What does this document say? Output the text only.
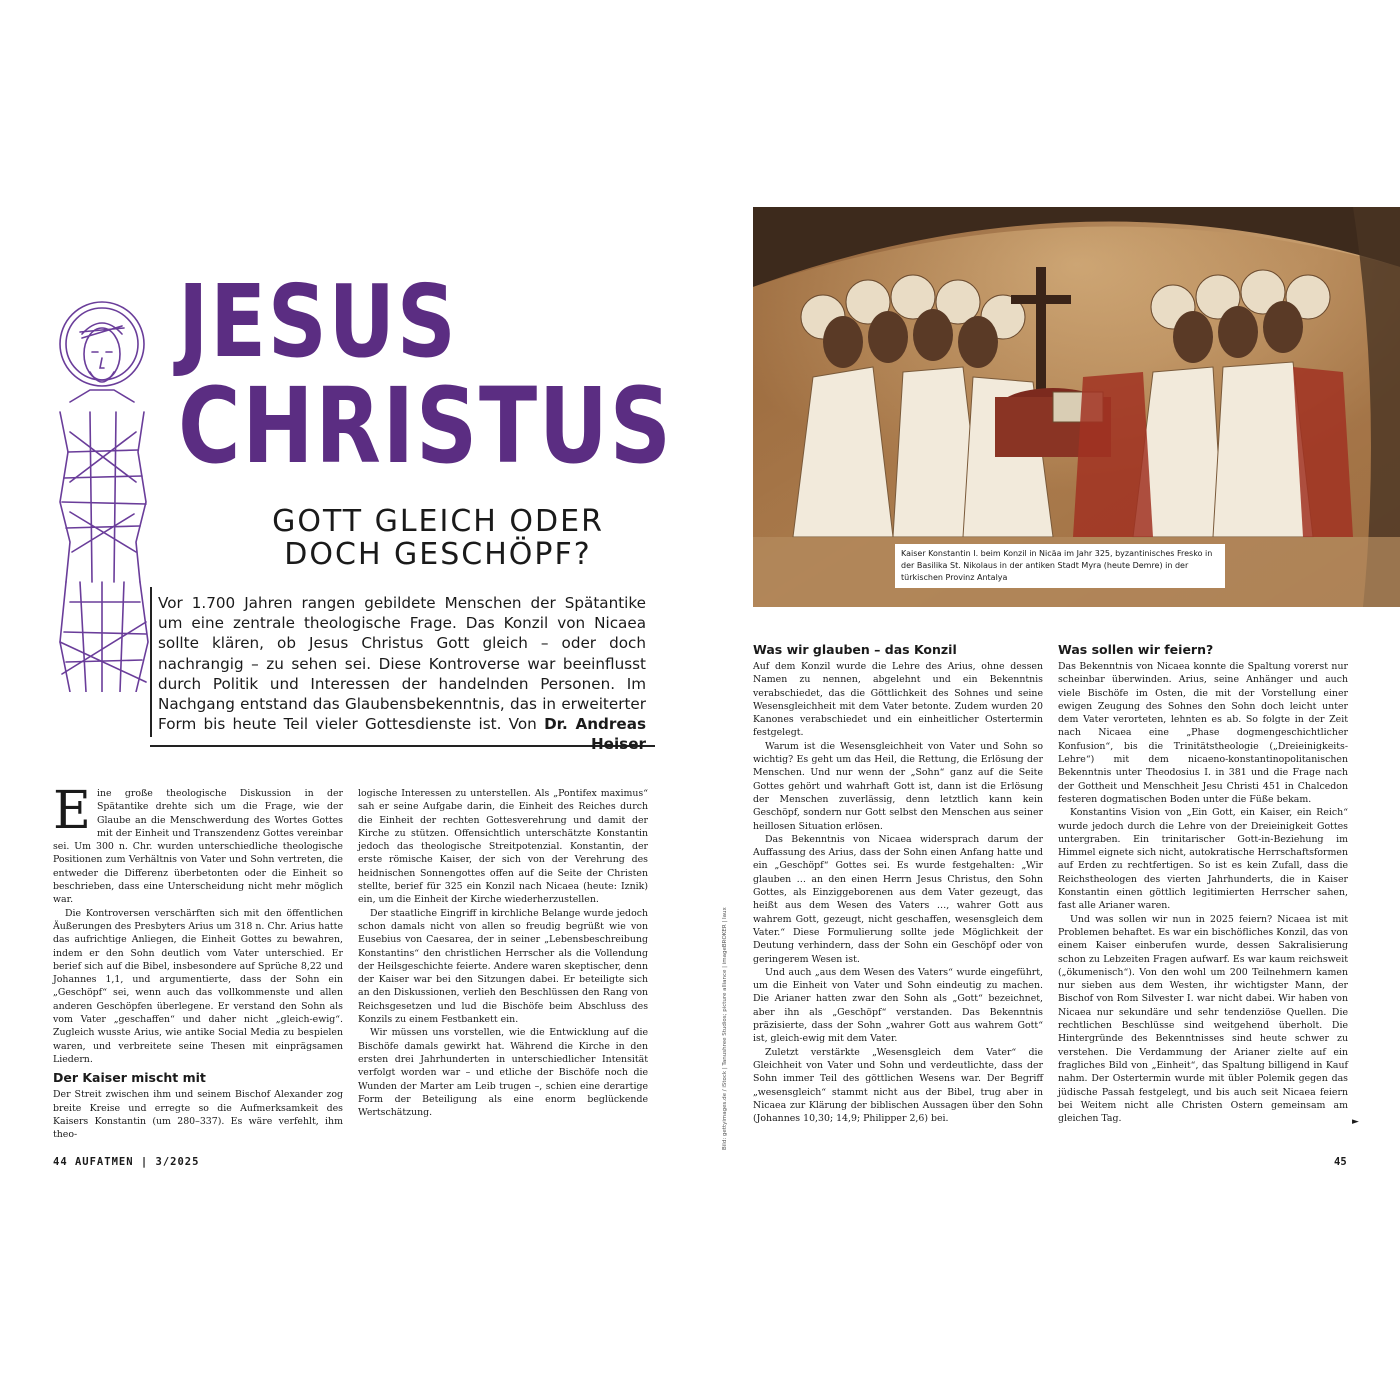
JESUS
CHRISTUS
GOTT GLEICH ODER
DOCH GESCHÖPF?
Vor 1.700 Jahren rangen gebildete Menschen der Spätantike um eine zentrale theologische Frage. Das Konzil von Nicaea sollte klären, ob Jesus Christus Gott gleich – oder doch nachrangig – zu sehen sei. Diese Kontroverse war beeinflusst durch Politik und Interessen der handelnden Personen. Im Nachgang entstand das Glaubensbekenntnis, das in erweiterter Form bis heute Teil vieler Gottesdienste ist. Von Dr. Andreas Heiser

Eine große theologische Diskussion in der Spätantike drehte sich um die Frage, wie der Glaube an die Menschwerdung des Wortes Gottes mit der Einheit und Transzendenz Gottes vereinbar sei. Um 300 n. Chr. wurden unterschiedliche theologische Positionen zum Verhältnis von Vater und Sohn vertreten, die entweder die Differenz überbetonten oder die Einheit so beschrieben, dass eine Unterscheidung nicht mehr möglich war.

Die Kontroversen verschärften sich mit den öffentlichen Äußerungen des Presbyters Arius um 318 n. Chr. Arius hatte das aufrichtige Anliegen, die Einheit Gottes zu bewahren, indem er den Sohn deutlich vom Vater unterschied. Er berief sich auf die Bibel, insbesondere auf Sprüche 8,22 und Johannes 1,1, und argumentierte, dass der Sohn ein „Geschöpf“ sei, wenn auch das vollkommenste und allen anderen Geschöpfen überlegene. Er verstand den Sohn als vom Vater „geschaffen“ und daher nicht „gleich-ewig“. Zugleich wusste Arius, wie antike Social Media zu bespielen waren, und verbreitete seine Thesen mit einprägsamen Liedern.

Der Kaiser mischt mit

Der Streit zwischen ihm und seinem Bischof Alexander zog breite Kreise und erregte so die Aufmerksamkeit des Kaisers Konstantin (um 280–337). Es wäre verfehlt, ihm theo-

logische Interessen zu unterstellen. Als „Pontifex maximus“ sah er seine Aufgabe darin, die Einheit des Reiches durch die Einheit der rechten Gottesverehrung und damit der Kirche zu stützen. Offensichtlich unterschätzte Konstantin jedoch das theologische Streitpotenzial. Konstantin, der erste römische Kaiser, der sich von der Verehrung des heidnischen Sonnengottes offen auf die Seite der Christen stellte, berief für 325 ein Konzil nach Nicaea (heute: Iznik) ein, um die Einheit der Kirche wiederherzustellen.

Der staatliche Eingriff in kirchliche Belange wurde jedoch schon damals nicht von allen so freudig begrüßt wie von Eusebius von Caesarea, der in seiner „Lebensbeschreibung Konstantins“ den christlichen Herrscher als die Vollendung der Heilsgeschichte feierte. Andere waren skeptischer, denn der Kaiser war bei den Sitzungen dabei. Er beteiligte sich an den Diskussionen, verlieh den Beschlüssen den Rang von Reichsgesetzen und lud die Bischöfe beim Abschluss des Konzils zu einem Festbankett ein.

Wir müssen uns vorstellen, wie die Entwicklung auf die Bischöfe damals gewirkt hat. Während die Kirche in den ersten drei Jahrhunderten in unterschiedlicher Intensität verfolgt worden war – und etliche der Bischöfe noch die Wunden der Marter am Leib trugen –, schien eine derartige Form der Beteiligung als eine enorm beglückende Wertschätzung.

44 AUFATMEN | 3/2025
Kaiser Konstantin I. beim Konzil in Nicäa im Jahr 325, byzantinisches Fresko in der Basilika St. Nikolaus in der antiken Stadt Myra (heute Demre) in der türkischen Provinz Antalya
Was wir glauben – das Konzil

Auf dem Konzil wurde die Lehre des Arius, ohne dessen Namen zu nennen, abgelehnt und ein Bekenntnis verabschiedet, das die Göttlichkeit des Sohnes und seine Wesensgleichheit mit dem Vater betonte. Zudem wurden 20 Kanones verabschiedet und ein einheitlicher Ostertermin festgelegt.

Warum ist die Wesensgleichheit von Vater und Sohn so wichtig? Es geht um das Heil, die Rettung, die Erlösung der Menschen. Und nur wenn der „Sohn“ ganz auf die Seite Gottes gehört und wahrhaft Gott ist, dann ist die Erlösung der Menschen zuverlässig, denn letztlich kann kein Geschöpf, sondern nur Gott selbst den Menschen aus seiner heillosen Situation erlösen.

Das Bekenntnis von Nicaea widersprach darum der Auffassung des Arius, dass der Sohn einen Anfang hatte und ein „Geschöpf“ Gottes sei. Es wurde festgehalten: „Wir glauben … an den einen Herrn Jesus Christus, den Sohn Gottes, als Einziggeborenen aus dem Vater gezeugt, das heißt aus dem Wesen des Vaters …, wahrer Gott aus wahrem Gott, gezeugt, nicht geschaffen, wesensgleich dem Vater.“ Diese Formulierung sollte jede Möglichkeit der Deutung verhindern, dass der Sohn ein Geschöpf oder von geringerem Wesen ist.

Und auch „aus dem Wesen des Vaters“ wurde eingeführt, um die Einheit von Vater und Sohn eindeutig zu machen. Die Arianer hatten zwar den Sohn als „Gott“ bezeichnet, aber ihn als „Geschöpf“ verstanden. Das Bekenntnis präzisierte, dass der Sohn „wahrer Gott aus wahrem Gott“ ist, gleich-ewig mit dem Vater.

Zuletzt verstärkte „Wesensgleich dem Vater“ die Gleichheit von Vater und Sohn und verdeutlichte, dass der Sohn immer Teil des göttlichen Wesens war. Der Begriff „wesensgleich“ stammt nicht aus der Bibel, trug aber in Nicaea zur Klärung der biblischen Aussagen über den Sohn (Johannes 10,30; 14,9; Philipper 2,6) bei.

Was sollen wir feiern?

Das Bekenntnis von Nicaea konnte die Spaltung vorerst nur scheinbar überwinden. Arius, seine Anhänger und auch viele Bischöfe im Osten, die mit der Vorstellung einer ewigen Zeugung des Sohnes den Sohn doch leicht unter dem Vater verorteten, lehnten es ab. So folgte in der Zeit nach Nicaea eine „Phase dogmengeschichtlicher Konfusion“, bis die Trinitätstheologie („Dreieinigkeits-Lehre“) mit dem nicaeno-konstantinopolitanischen Bekenntnis unter Theodosius I. in 381 und die Frage nach der Gottheit und Menschheit Jesu Christi 451 in Chalcedon festeren dogmatischen Boden unter die Füße bekam.

Konstantins Vision von „Ein Gott, ein Kaiser, ein Reich“ wurde jedoch durch die Lehre von der Dreieinigkeit Gottes untergraben. Ein trinitarischer Gott-in-Beziehung im Himmel eignete sich nicht, autokratische Herrschaftsformen auf Erden zu rechtfertigen. So ist es kein Zufall, dass die Reichstheologen des vierten Jahrhunderts, die in Kaiser Konstantin einen göttlich legitimierten Herrscher sahen, fast alle Arianer waren.

Und was sollen wir nun in 2025 feiern? Nicaea ist mit Problemen behaftet. Es war ein bischöfliches Konzil, das von einem Kaiser einberufen wurde, dessen Sakralisierung schon zu Lebzeiten Fragen aufwarf. Es war kaum reichsweit („ökumenisch“). Von den wohl um 200 Teilnehmern kamen nur sieben aus dem Westen, ihr wichtigster Mann, der Bischof von Rom Silvester I. war nicht dabei. Wir haben von Nicaea nur sekundäre und sehr tendenziöse Quellen. Die rechtlichen Beschlüsse sind weitgehend überholt. Die Hintergründe des Bekenntnisses sind heute schwer zu verstehen. Die Verdammung der Arianer zielte auf ein fragliches Bild von „Einheit“, das Spaltung billigend in Kauf nahm. Der Ostertermin wurde mit übler Polemik gegen das jüdische Passah festgelegt, und bis auch seit Nicaea feiern bei Weitem nicht alle Christen Ostern gemeinsam am gleichen Tag.

Bild: gettyimages.de / iStock | Tanushree Studios; picture alliance | imageBROKER | Iaux	►
45
